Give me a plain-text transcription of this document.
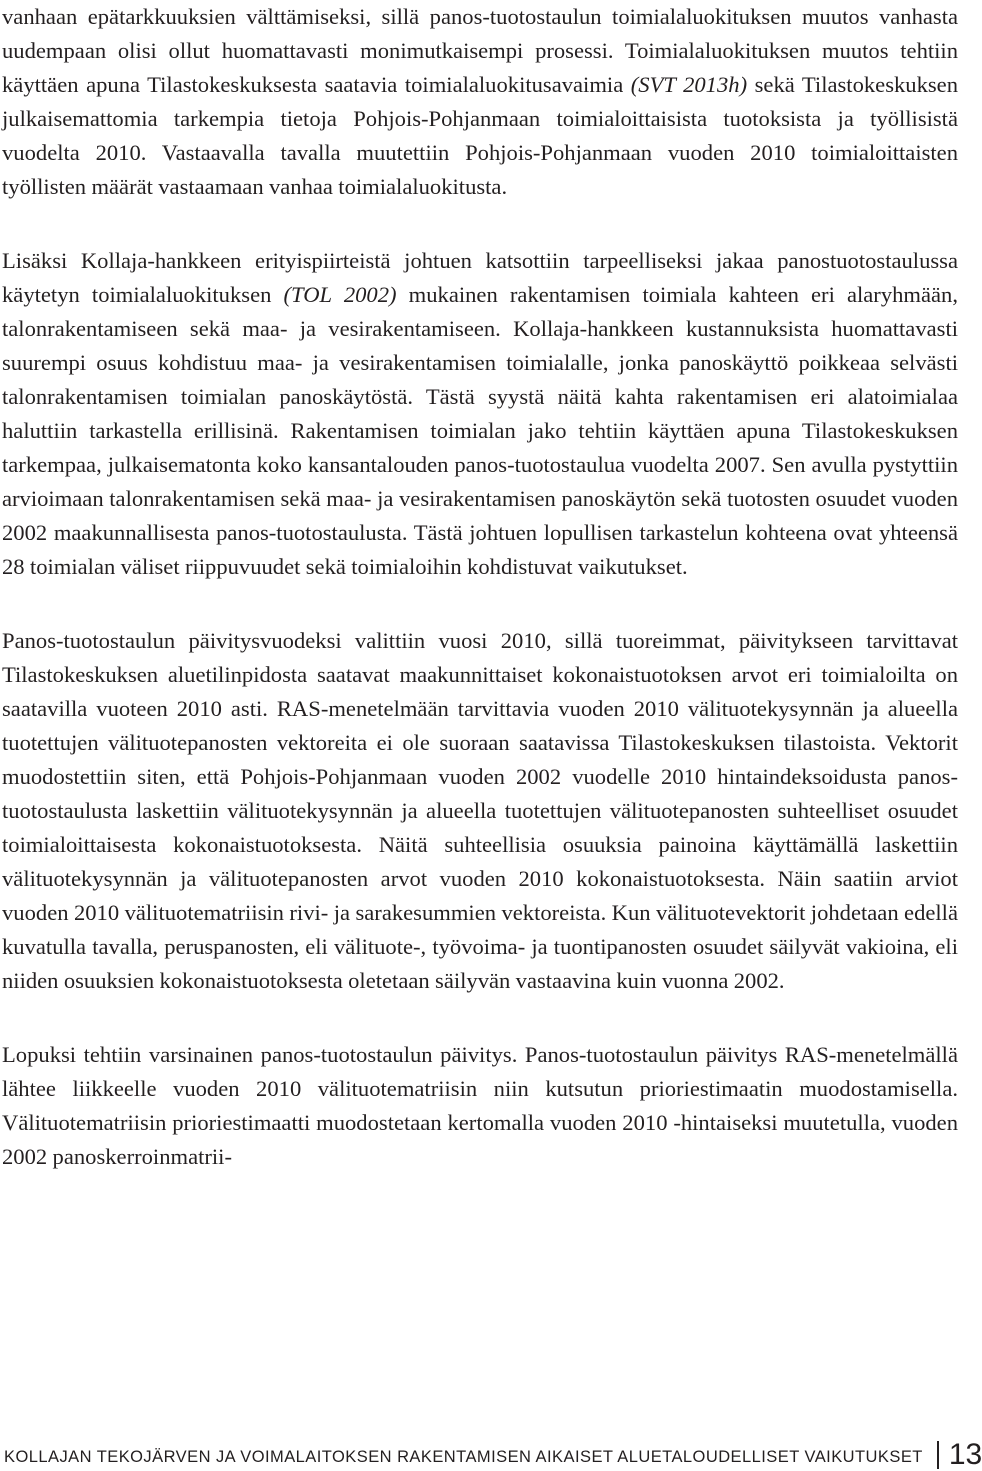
vanhaan epätarkkuuksien välttämiseksi, sillä panos-tuotostaulun toimialaluokituksen muutos vanhasta uudempaan olisi ollut huomattavasti monimutkaisempi prosessi. Toimialaluokituksen muutos tehtiin käyttäen apuna Tilastokeskuksesta saatavia toimialaluokitusavaimia (SVT 2013h) sekä Tilastokeskuksen julkaisemattomia tarkempia tietoja Pohjois-Pohjanmaan toimialoittaisista tuotoksista ja työllisistä vuodelta 2010. Vastaavalla tavalla muutettiin Pohjois-Pohjanmaan vuoden 2010 toimialoittaisten työllisten määrät vastaamaan vanhaa toimialaluokitusta.

Lisäksi Kollaja-hankkeen erityispiirteistä johtuen katsottiin tarpeelliseksi jakaa panostuotostaulussa käytetyn toimialaluokituksen (TOL 2002) mukainen rakentamisen toimiala kahteen eri alaryhmään, talonrakentamiseen sekä maa- ja vesirakentamiseen. Kollaja-hankkeen kustannuksista huomattavasti suurempi osuus kohdistuu maa- ja vesirakentamisen toimialalle, jonka panoskäyttö poikkeaa selvästi talonrakentamisen toimialan panoskäytöstä. Tästä syystä näitä kahta rakentamisen eri alatoimialaa haluttiin tarkastella erillisinä. Rakentamisen toimialan jako tehtiin käyttäen apuna Tilastokeskuksen tarkempaa, julkaisematonta koko kansantalouden panos-tuotostaulua vuodelta 2007. Sen avulla pystyttiin arvioimaan talonrakentamisen sekä maa- ja vesirakentamisen panoskäytön sekä tuotosten osuudet vuoden 2002 maakunnallisesta panos-tuotostaulusta. Tästä johtuen lopullisen tarkastelun kohteena ovat yhteensä 28 toimialan väliset riippuvuudet sekä toimialoihin kohdistuvat vaikutukset.

Panos-tuotostaulun päivitysvuodeksi valittiin vuosi 2010, sillä tuoreimmat, päivitykseen tarvittavat Tilastokeskuksen aluetilinpidosta saatavat maakunnittaiset kokonaistuotoksen arvot eri toimialoilta on saatavilla vuoteen 2010 asti. RAS-menetelmään tarvittavia vuoden 2010 välituotekysynnän ja alueella tuotettujen välituotepanosten vektoreita ei ole suoraan saatavissa Tilastokeskuksen tilastoista. Vektorit muodostettiin siten, että Pohjois-Pohjanmaan vuoden 2002 vuodelle 2010 hintaindeksoidusta panostuotostaulusta laskettiin välituotekysynnän ja alueella tuotettujen välituotepanosten suhteelliset osuudet toimialoittaisesta kokonaistuotoksesta. Näitä suhteellisia osuuksia painoina käyttämällä laskettiin välituotekysynnän ja välituotepanosten arvot vuoden 2010 kokonaistuotoksesta. Näin saatiin arviot vuoden 2010 välituotematriisin rivi- ja sarakesummien vektoreista. Kun välituotevektorit johdetaan edellä kuvatulla tavalla, peruspanosten, eli välituote-, työvoima- ja tuontipanosten osuudet säilyvät vakioina, eli niiden osuuksien kokonaistuotoksesta oletetaan säilyvän vastaavina kuin vuonna 2002.

Lopuksi tehtiin varsinainen panos-tuotostaulun päivitys. Panos-tuotostaulun päivitys RAS-menetelmällä lähtee liikkeelle vuoden 2010 välituotematriisin niin kutsutun prioriestimaatin muodostamisella. Välituotematriisin prioriestimaatti muodostetaan kertomalla vuoden 2010 -hintaiseksi muutetulla, vuoden 2002 panoskerroinmatrii-

KOLLAJAN TEKOJÄRVEN JA VOIMALAITOKSEN RAKENTAMISEN AIKAISET ALUETALOUDELLISET VAIKUTUKSET 13
